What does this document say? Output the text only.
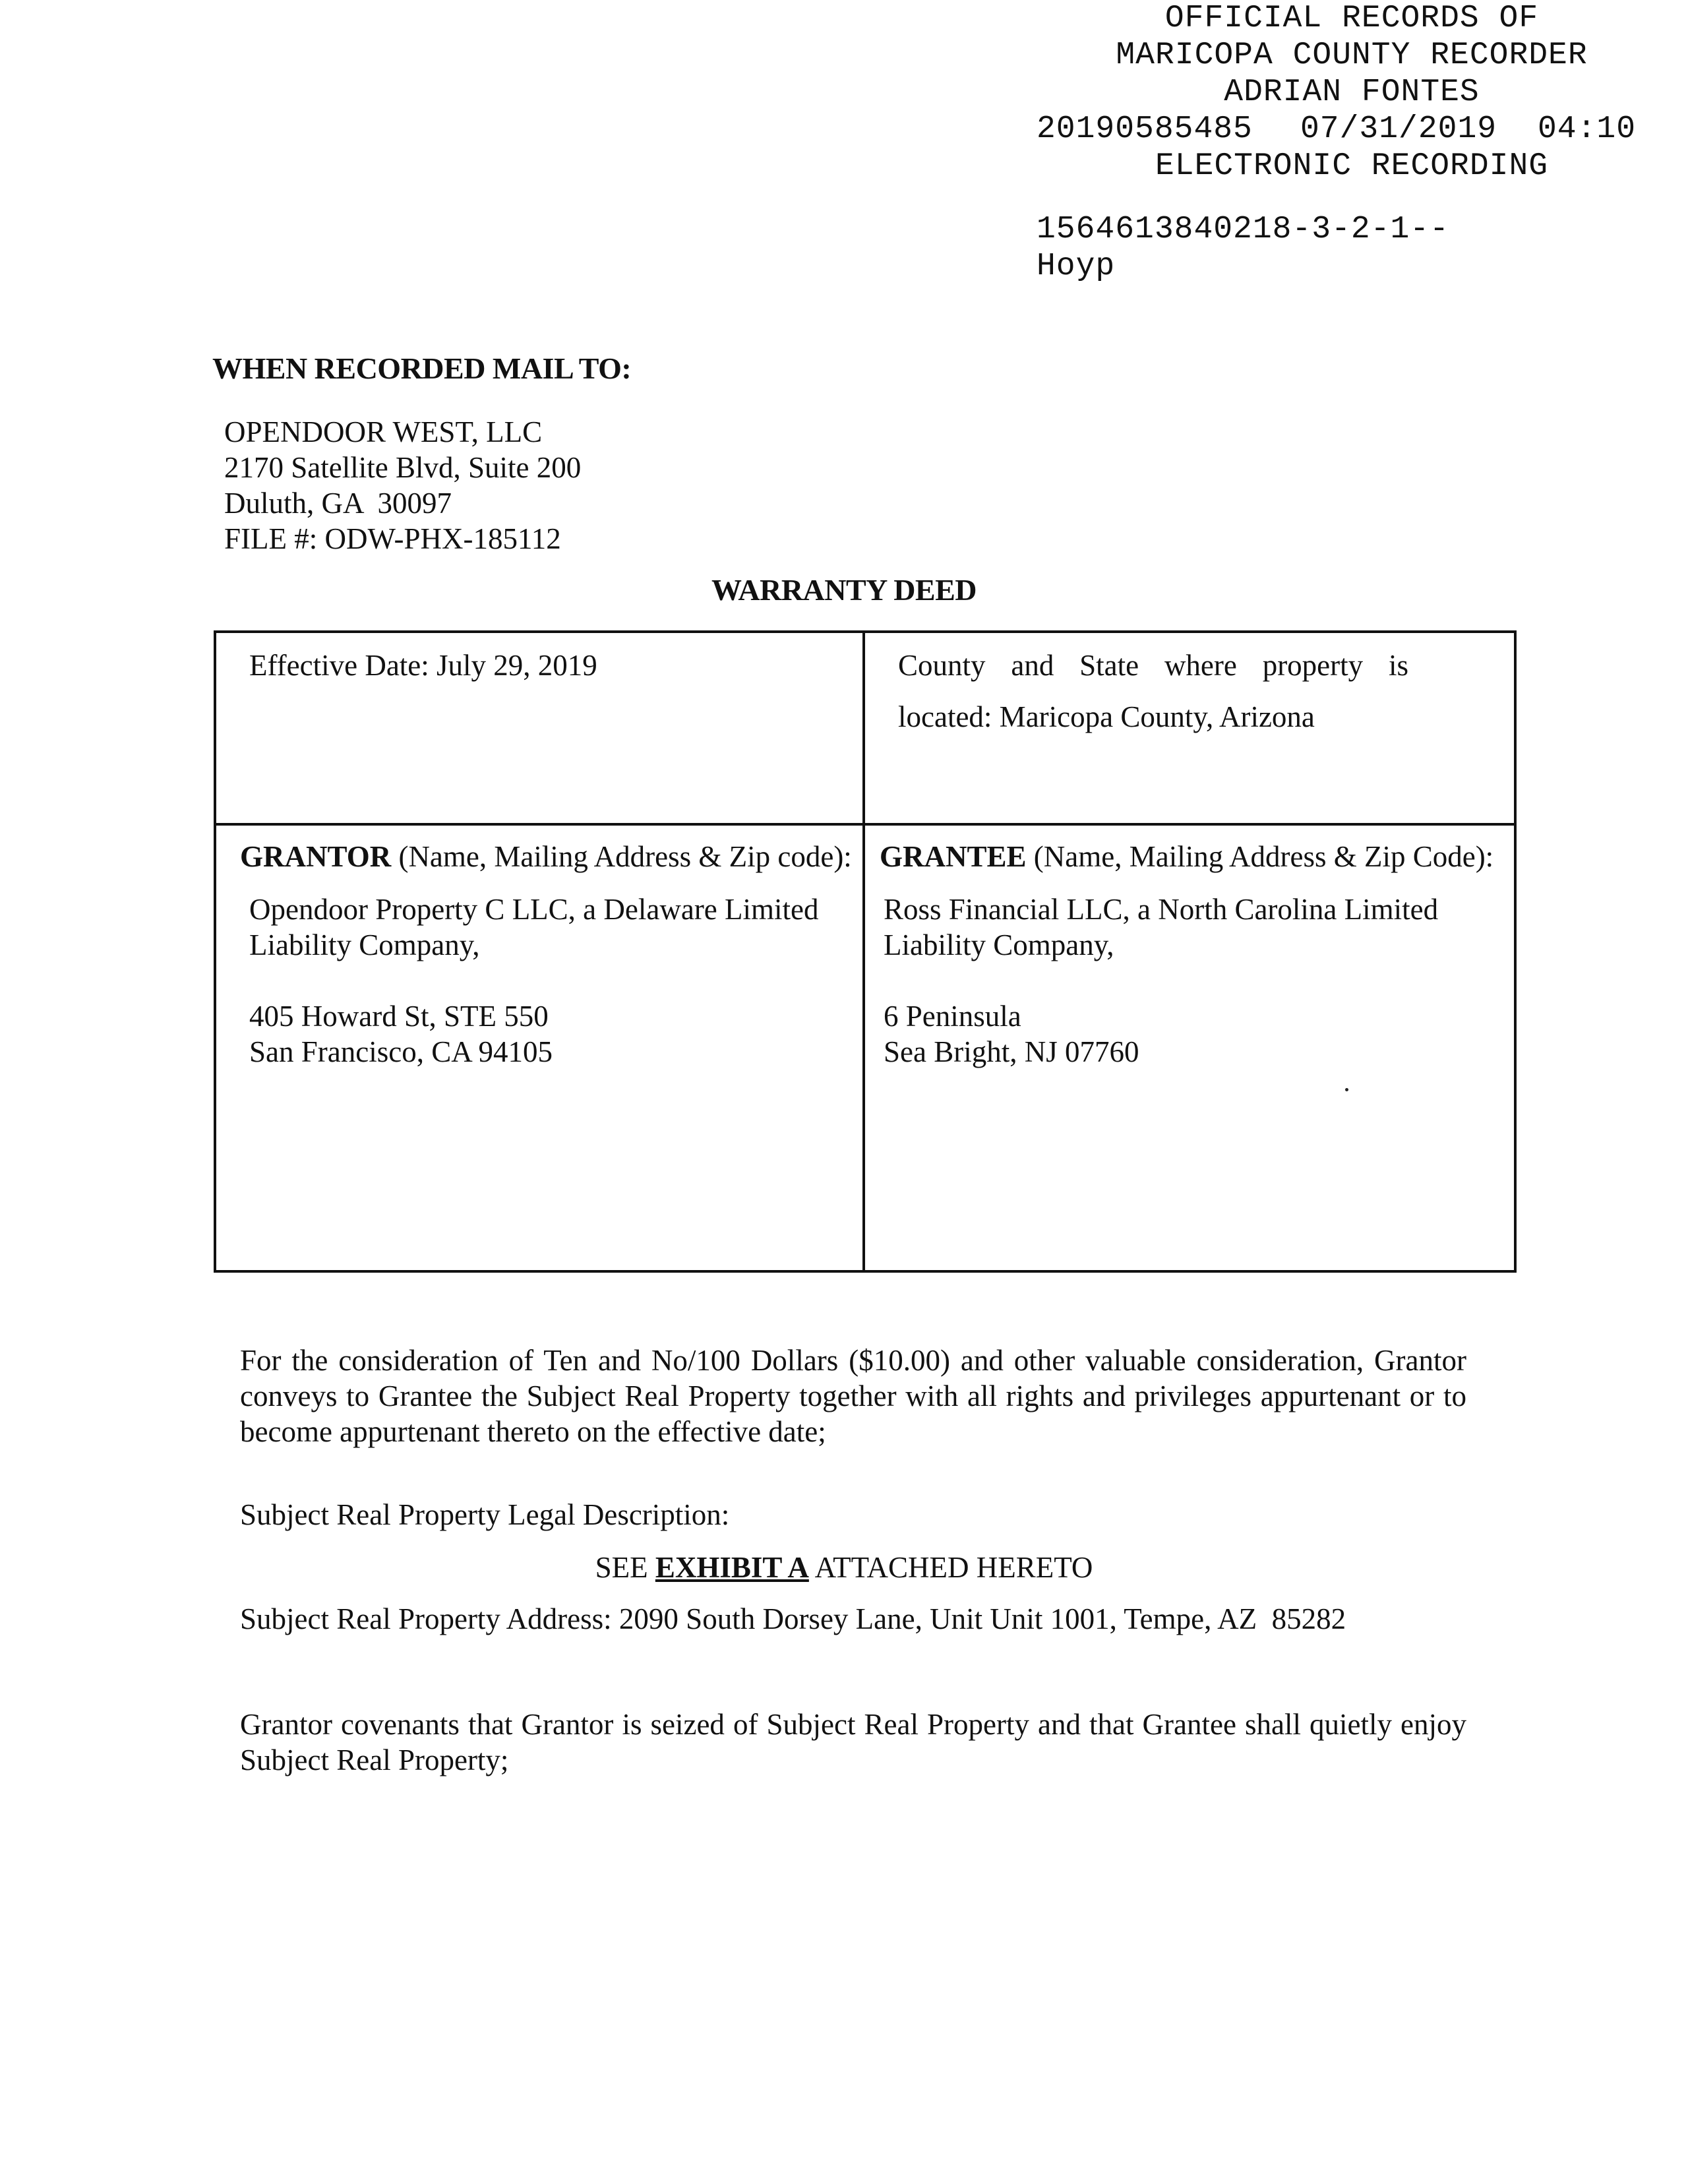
OFFICIAL RECORDS OF
MARICOPA COUNTY RECORDER
ADRIAN FONTES
20190585485 07/31/2019 04:10
ELECTRONIC RECORDING
1564613840218-3-2-1--
Hoyp
WHEN RECORDED MAIL TO:
OPENDOOR WEST, LLC
2170 Satellite Blvd, Suite 200
Duluth, GA  30097
FILE #: ODW-PHX-185112
WARRANTY DEED
Effective Date: July 29, 2019	County and State where property is
located: Maricopa County, Arizona
GRANTOR (Name, Mailing Address & Zip code):
Opendoor Property C LLC, a Delaware Limited
Liability Company,
405 Howard St, STE 550
San Francisco, CA 94105
GRANTEE (Name, Mailing Address & Zip Code):
Ross Financial LLC, a North Carolina Limited
Liability Company,
6 Peninsula
Sea Bright, NJ 07760
For the consideration of Ten and No/100 Dollars ($10.00) and other valuable consideration, Grantor conveys to Grantee the Subject Real Property together with all rights and privileges appurtenant or to become appurtenant thereto on the effective date;
Subject Real Property Legal Description:
SEE EXHIBIT A ATTACHED HERETO
Subject Real Property Address: 2090 South Dorsey Lane, Unit Unit 1001, Tempe, AZ  85282
Grantor covenants that Grantor is seized of Subject Real Property and that Grantee shall quietly enjoy Subject Real Property;
